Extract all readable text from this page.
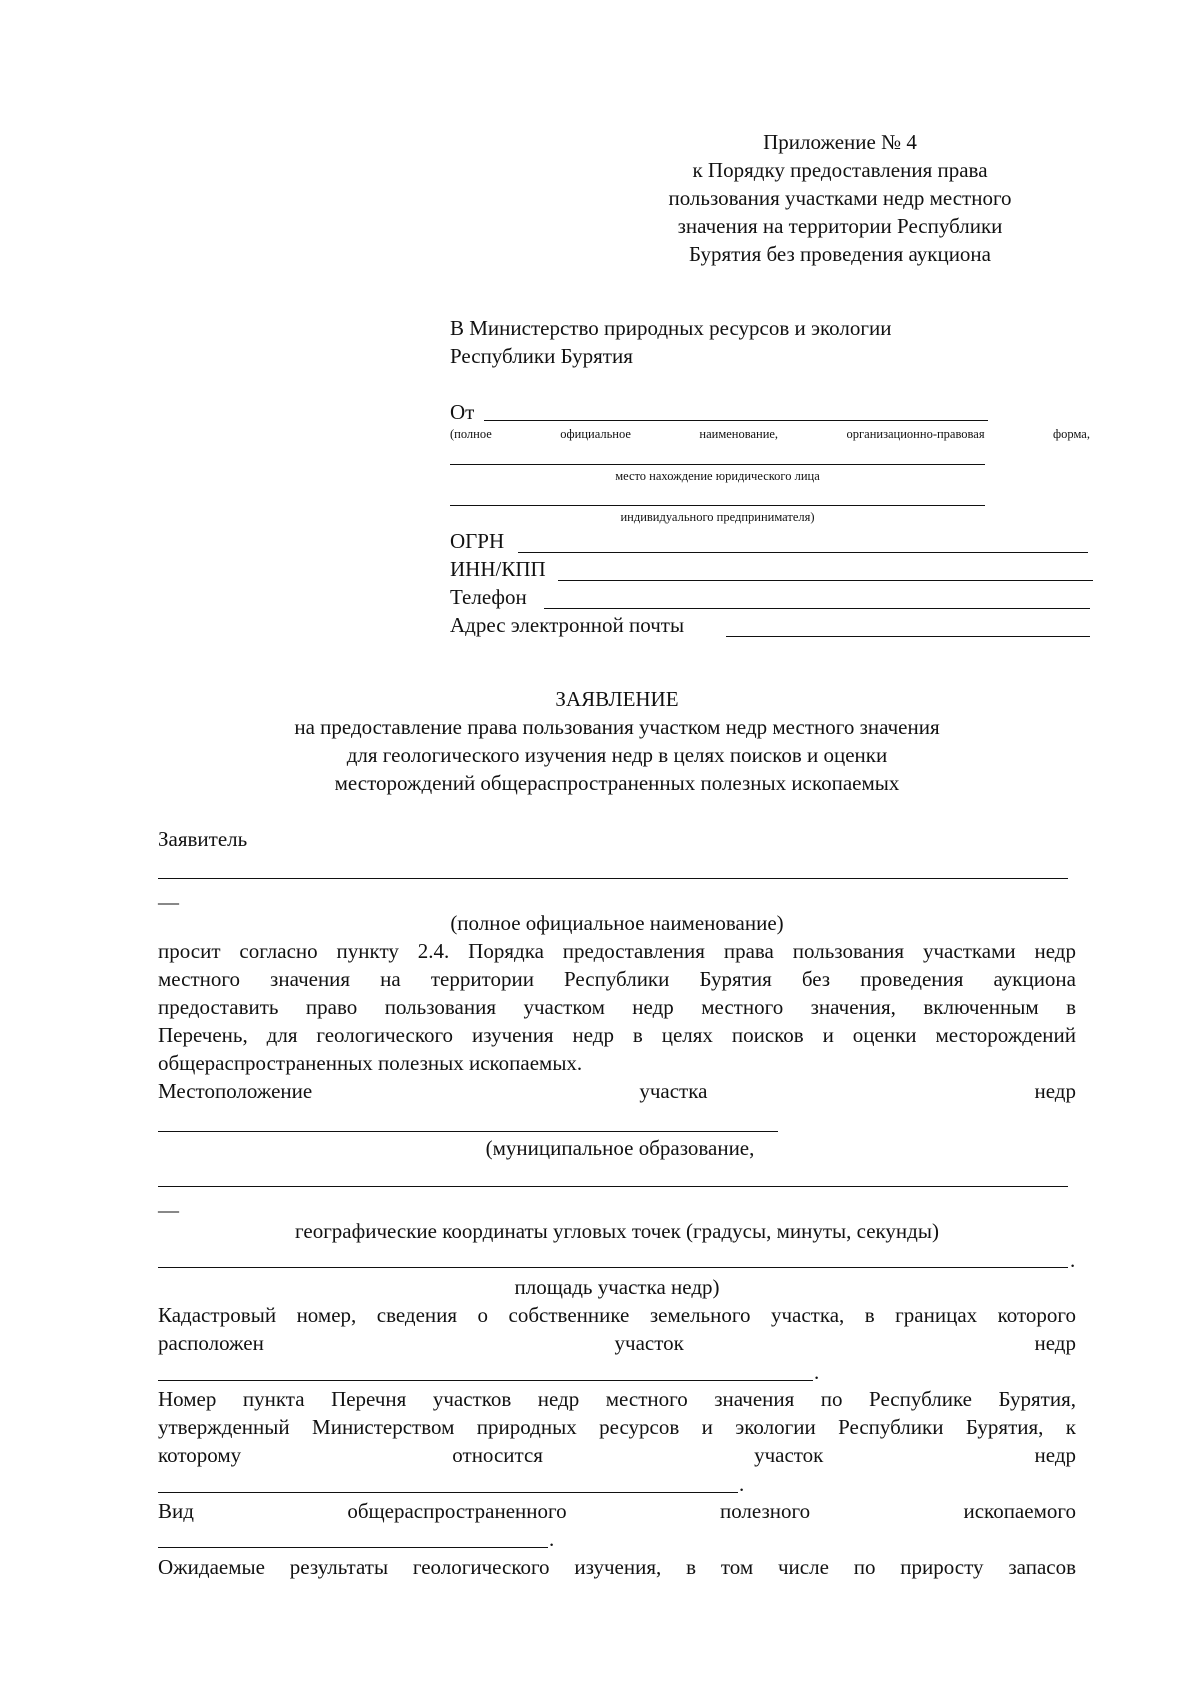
Приложение № 4
к Порядку предоставления права
пользования участками недр местного
значения на территории Республики
Бурятия без проведения аукциона
В Министерство природных ресурсов и экологии
Республики Бурятия
От
(полное	официальное	наименование,	организационно-правовая	форма,
место нахождение юридического лица
индивидуального предпринимателя)
ОГРН
ИНН/КПП
Телефон
Адрес электронной почты
ЗАЯВЛЕНИЕ
на предоставление права пользования участком недр местного значения
для геологического изучения недр в целях поисков и оценки
месторождений общераспространенных полезных ископаемых
Заявитель
—
(полное официальное наименование)
просит согласно пункту 2.4. Порядка предоставления права пользования участками недр
местного значения на территории Республики Бурятия без проведения аукциона
предоставить право пользования участком недр местного значения, включенным в
Перечень, для геологического изучения недр в целях поисков и оценки месторождений
общераспространенных полезных ископаемых.
Местоположение	участка	недр
(муниципальное образование,
—
географические координаты угловых точек (градусы, минуты, секунды)
.
площадь участка недр)
Кадастровый номер, сведения о собственнике земельного участка, в границах которого
расположен	участок	недр
.
Номер пункта Перечня участков недр местного значения по Республике Бурятия,
утвержденный Министерством природных ресурсов и экологии Республики Бурятия, к
которому	относится	участок	недр
.
Вид	общераспространенного	полезного	ископаемого
.
Ожидаемые результаты геологического изучения, в том числе по приросту запасов
